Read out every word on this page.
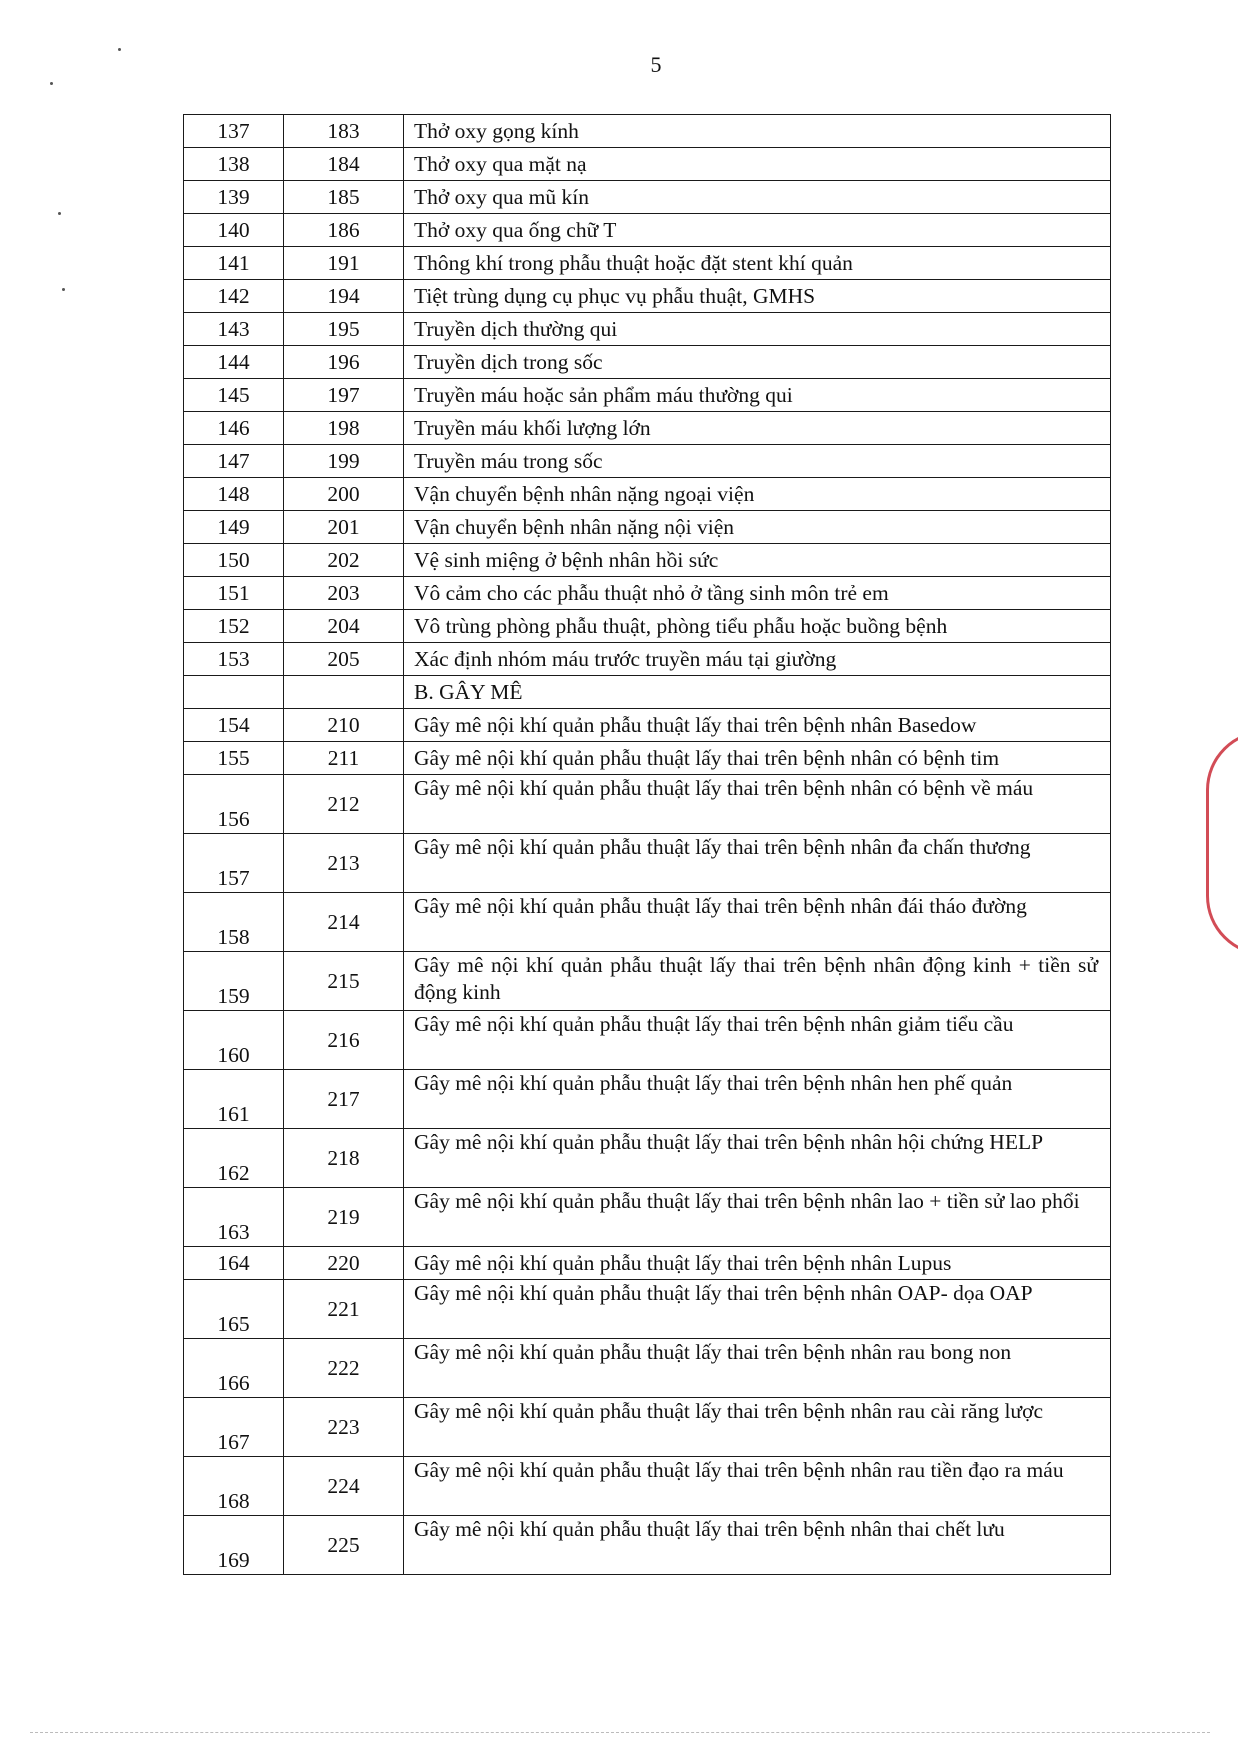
5
137	183	Thở oxy gọng kính
138	184	Thở oxy qua mặt nạ
139	185	Thở oxy qua mũ kín
140	186	Thở oxy qua ống chữ T
141	191	Thông khí trong phẫu thuật hoặc đặt stent khí quản
142	194	Tiệt trùng dụng cụ phục vụ phẫu thuật, GMHS
143	195	Truyền dịch thường qui
144	196	Truyền dịch trong sốc
145	197	Truyền máu hoặc sản phẩm máu thường qui
146	198	Truyền máu khối lượng lớn
147	199	Truyền máu trong sốc
148	200	Vận chuyển bệnh nhân nặng ngoại viện
149	201	Vận chuyển bệnh nhân nặng nội viện
150	202	Vệ sinh miệng ở bệnh nhân hồi sức
151	203	Vô cảm cho các phẫu thuật nhỏ ở tầng sinh môn trẻ em
152	204	Vô trùng phòng phẫu thuật, phòng tiểu phẫu hoặc buồng bệnh
153	205	Xác định nhóm máu trước truyền máu tại giường
		B. GÂY MÊ
154	210	Gây mê nội khí quản phẫu thuật lấy thai trên bệnh nhân Basedow
155	211	Gây mê nội khí quản phẫu thuật lấy thai trên bệnh nhân có bệnh tim
156	212	Gây mê nội khí quản phẫu thuật lấy thai trên bệnh nhân có bệnh về máu
157	213	Gây mê nội khí quản phẫu thuật lấy thai trên bệnh nhân đa chấn thương
158	214	Gây mê nội khí quản phẫu thuật lấy thai trên bệnh nhân đái tháo đường
159	215	Gây mê nội khí quản phẫu thuật lấy thai trên bệnh nhân động kinh + tiền sử động kinh
160	216	Gây mê nội khí quản phẫu thuật lấy thai trên bệnh nhân giảm tiểu cầu
161	217	Gây mê nội khí quản phẫu thuật lấy thai trên bệnh nhân hen phế quản
162	218	Gây mê nội khí quản phẫu thuật lấy thai trên bệnh nhân hội chứng HELP
163	219	Gây mê nội khí quản phẫu thuật lấy thai trên bệnh nhân lao + tiền sử lao phổi
164	220	Gây mê nội khí quản phẫu thuật lấy thai trên bệnh nhân Lupus
165	221	Gây mê nội khí quản phẫu thuật lấy thai trên bệnh nhân OAP- dọa OAP
166	222	Gây mê nội khí quản phẫu thuật lấy thai trên bệnh nhân rau bong non
167	223	Gây mê nội khí quản phẫu thuật lấy thai trên bệnh nhân rau cài răng lược
168	224	Gây mê nội khí quản phẫu thuật lấy thai trên bệnh nhân rau tiền đạo ra máu
169	225	Gây mê nội khí quản phẫu thuật lấy thai trên bệnh nhân thai chết lưu
